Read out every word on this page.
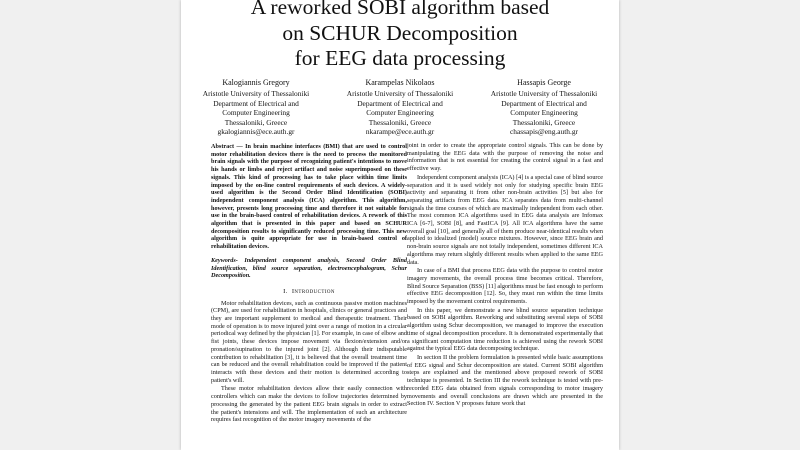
A reworked SOBI algorithm based
on SCHUR Decomposition
for EEG data processing
Kalogiannis Gregory
Aristotle University of Thessaloniki
Department of Electrical and
Computer Engineering
Thessaloniki, Greece
gkalogiannis@ece.auth.gr
Karampelas Nikolaos
Aristotle University of Thessaloniki
Department of Electrical and
Computer Engineering
Thessaloniki, Greece
nkarampe@ece.auth.gr
Hassapis George
Aristotle University of Thessaloniki
Department of Electrical and
Computer Engineering
Thessaloniki, Greece
chassapis@eng.auth.gr

Abstract — In brain machine interfaces (BMI) that are used to control motor rehabilitation devices there is the need to process the monitored brain signals with the purpose of recognizing patient's intentions to move his hands or limbs and reject artifact and noise superimposed on these signals. This kind of processing has to take place within time limits imposed by the on-line control requirements of such devices. A widely-used algorithm is the Second Order Blind Identification (SOBI) independent component analysis (ICA) algorithm. This algorithm, however, presents long processing time and therefore it not suitable for use in the brain-based control of rehabilitation devices. A rework of this algorithm that is presented in this paper and based on SCHUR decomposition results to significantly reduced processing time. This new algorithm is quite appropriate for use in brain-based control of rehabilitation devices.

Keywords- Independent component analysis, Second Order Blind Identification, blind source separation, electroencephalogram, Schur Decomposition.

I. Introduction

Motor rehabilitation devices, such as continuous passive motion machines (CPM), are used for rehabilitation in hospitals, clinics or general practices and they are important supplement to medical and therapeutic treatment. Their mode of operation is to move injured joint over a range of motion in a circular periodical way defined by the physician [1]. For example, in case of elbow and fist joints, these devices impose movement via flexion/extension and/or pronation/supination to the injured joint [2]. Although their indisputable contribution to rehabilitation [3], it is believed that the overall treatment time can be reduced and the overall rehabilitation could be improved if the patient interacts with these devices and their motion is determined according to patient's will.

These motor rehabilitation devices allow their easily connection with controllers which can make the devices to follow trajectories determined by processing the generated by the patient EEG brain signals in order to extract the patient's intensions and will. The implementation of such an architecture requires fast recognition of the motor imagery movements of the

joint in order to create the appropriate control signals. This can be done by manipulating the EEG data with the purpose of removing the noise and information that is not essential for creating the control signal in a fast and effective way.

Independent component analysis (ICA) [4] is a special case of blind source separation and it is used widely not only for studying specific brain EEG activity and separating it from other non-brain activities [5] but also for separating artifacts from EEG data. ICA separates data from multi-channel signals the time courses of which are maximally independent from each other. The most common ICA algorithms used in EEG data analysis are Infomax ICA [6-7], SOBI [8], and FastICA [9]. All ICA algorithms have the same overall goal [10], and generally all of them produce near-identical results when applied to idealized (model) source mixtures. However, since EEG brain and non-brain source signals are not totally independent, sometimes different ICA algorithms may return slightly different results when applied to the same EEG data.

In case of a BMI that process EEG data with the purpose to control motor imagery movements, the overall process time becomes critical. Therefore, Blind Source Separation (BSS) [11] algorithms must be fast enough to perform effective EEG decomposition [12]. So, they must run within the time limits imposed by the movement control requirements.

In this paper, we demonstrate a new blind source separation technique based on SOBI algorithm. Reworking and substituting several steps of SOBI algorithm using Schur decomposition, we managed to improve the execution time of signal decomposition procedure. It is demonstrated experimentally that a significant computation time reduction is achieved using the rework SOBI against the typical EEG data decomposing technique.

In section II the problem formulation is presented while basic assumptions of EEG signal and Schur decomposition are stated. Current SOBI algorithm steps are explained and the mentioned above proposed rework of SOBI technique is presented. In Section III the rework technique is tested with pre-recorded EEG data obtained from signals corresponding to motor imagery movements and overall conclusions are drawn which are presented in the Section IV. Section V proposes future work that
